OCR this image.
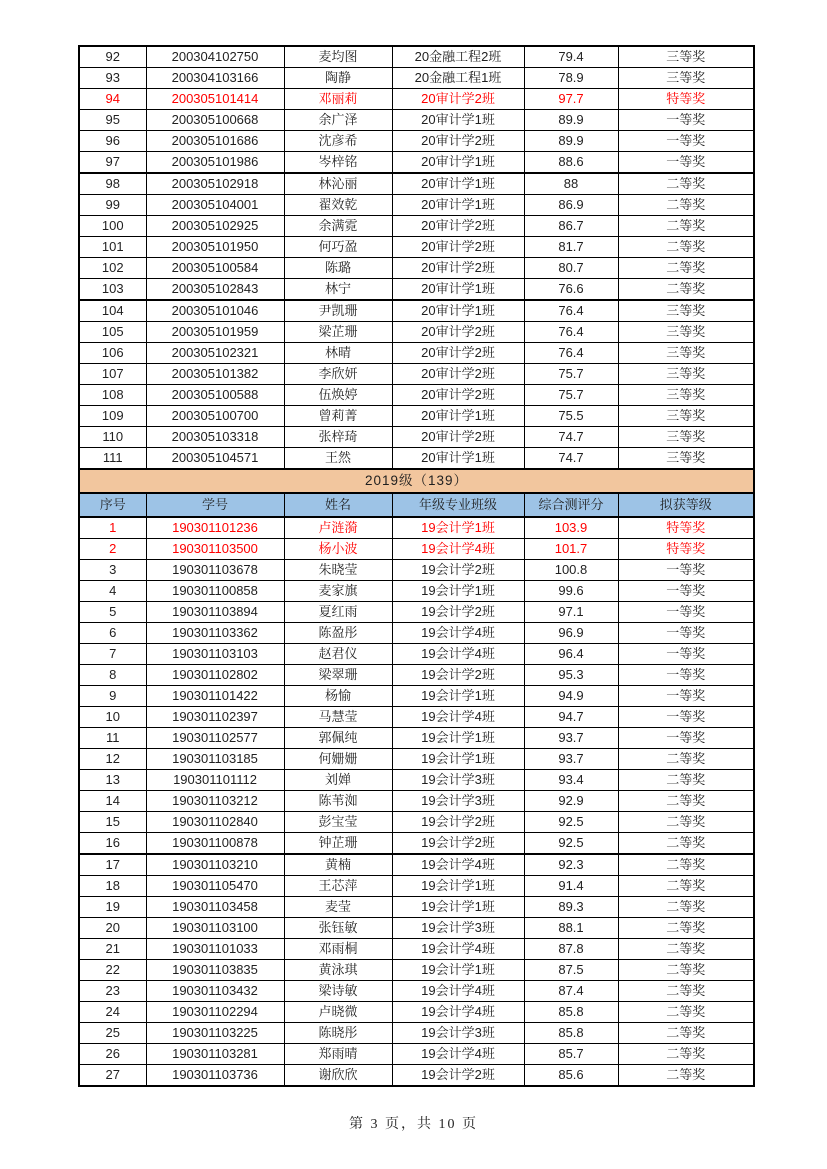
92	200304102750	麦均图	20金融工程2班	79.4	三等奖
93	200304103166	陶静	20金融工程1班	78.9	三等奖
94	200305101414	邓丽莉	20审计学2班	97.7	特等奖
95	200305100668	余广泽	20审计学1班	89.9	一等奖
96	200305101686	沈彦希	20审计学2班	89.9	一等奖
97	200305101986	岑梓铭	20审计学1班	88.6	一等奖
98	200305102918	林沁丽	20审计学1班	88	二等奖
99	200305104001	翟效乾	20审计学1班	86.9	二等奖
100	200305102925	余满霓	20审计学2班	86.7	二等奖
101	200305101950	何巧盈	20审计学2班	81.7	二等奖
102	200305100584	陈璐	20审计学2班	80.7	二等奖
103	200305102843	林宁	20审计学1班	76.6	二等奖
104	200305101046	尹凯珊	20审计学1班	76.4	三等奖
105	200305101959	梁芷珊	20审计学2班	76.4	三等奖
106	200305102321	林晴	20审计学2班	76.4	三等奖
107	200305101382	李欣妍	20审计学2班	75.7	三等奖
108	200305100588	伍焕婷	20审计学2班	75.7	三等奖
109	200305100700	曾莉菁	20审计学1班	75.5	三等奖
110	200305103318	张梓琦	20审计学2班	74.7	三等奖
111	200305104571	王然	20审计学1班	74.7	三等奖
2019级（139）					
序号	学号	姓名	年级专业班级	综合测评分	拟获等级
1	190301101236	卢涟漪	19会计学1班	103.9	特等奖
2	190301103500	杨小波	19会计学4班	101.7	特等奖
3	190301103678	朱晓莹	19会计学2班	100.8	一等奖
4	190301100858	麦家旗	19会计学1班	99.6	一等奖
5	190301103894	夏红雨	19会计学2班	97.1	一等奖
6	190301103362	陈盈彤	19会计学4班	96.9	一等奖
7	190301103103	赵君仪	19会计学4班	96.4	一等奖
8	190301102802	梁翠珊	19会计学2班	95.3	一等奖
9	190301101422	杨愉	19会计学1班	94.9	一等奖
10	190301102397	马慧莹	19会计学4班	94.7	一等奖
11	190301102577	郭佩纯	19会计学1班	93.7	一等奖
12	190301103185	何姗姗	19会计学1班	93.7	二等奖
13	190301101112	刘婵	19会计学3班	93.4	二等奖
14	190301103212	陈苇洳	19会计学3班	92.9	二等奖
15	190301102840	彭宝莹	19会计学2班	92.5	二等奖
16	190301100878	钟芷珊	19会计学2班	92.5	二等奖
17	190301103210	黄楠	19会计学4班	92.3	二等奖
18	190301105470	王芯萍	19会计学1班	91.4	二等奖
19	190301103458	麦莹	19会计学1班	89.3	二等奖
20	190301103100	张钰敏	19会计学3班	88.1	二等奖
21	190301101033	邓雨桐	19会计学4班	87.8	二等奖
22	190301103835	黄泳琪	19会计学1班	87.5	二等奖
23	190301103432	梁诗敏	19会计学4班	87.4	二等奖
24	190301102294	卢晓微	19会计学4班	85.8	二等奖
25	190301103225	陈晓彤	19会计学3班	85.8	二等奖
26	190301103281	郑雨晴	19会计学4班	85.7	二等奖
27	190301103736	谢欣欣	19会计学2班	85.6	二等奖
第 3 页，共 10 页
